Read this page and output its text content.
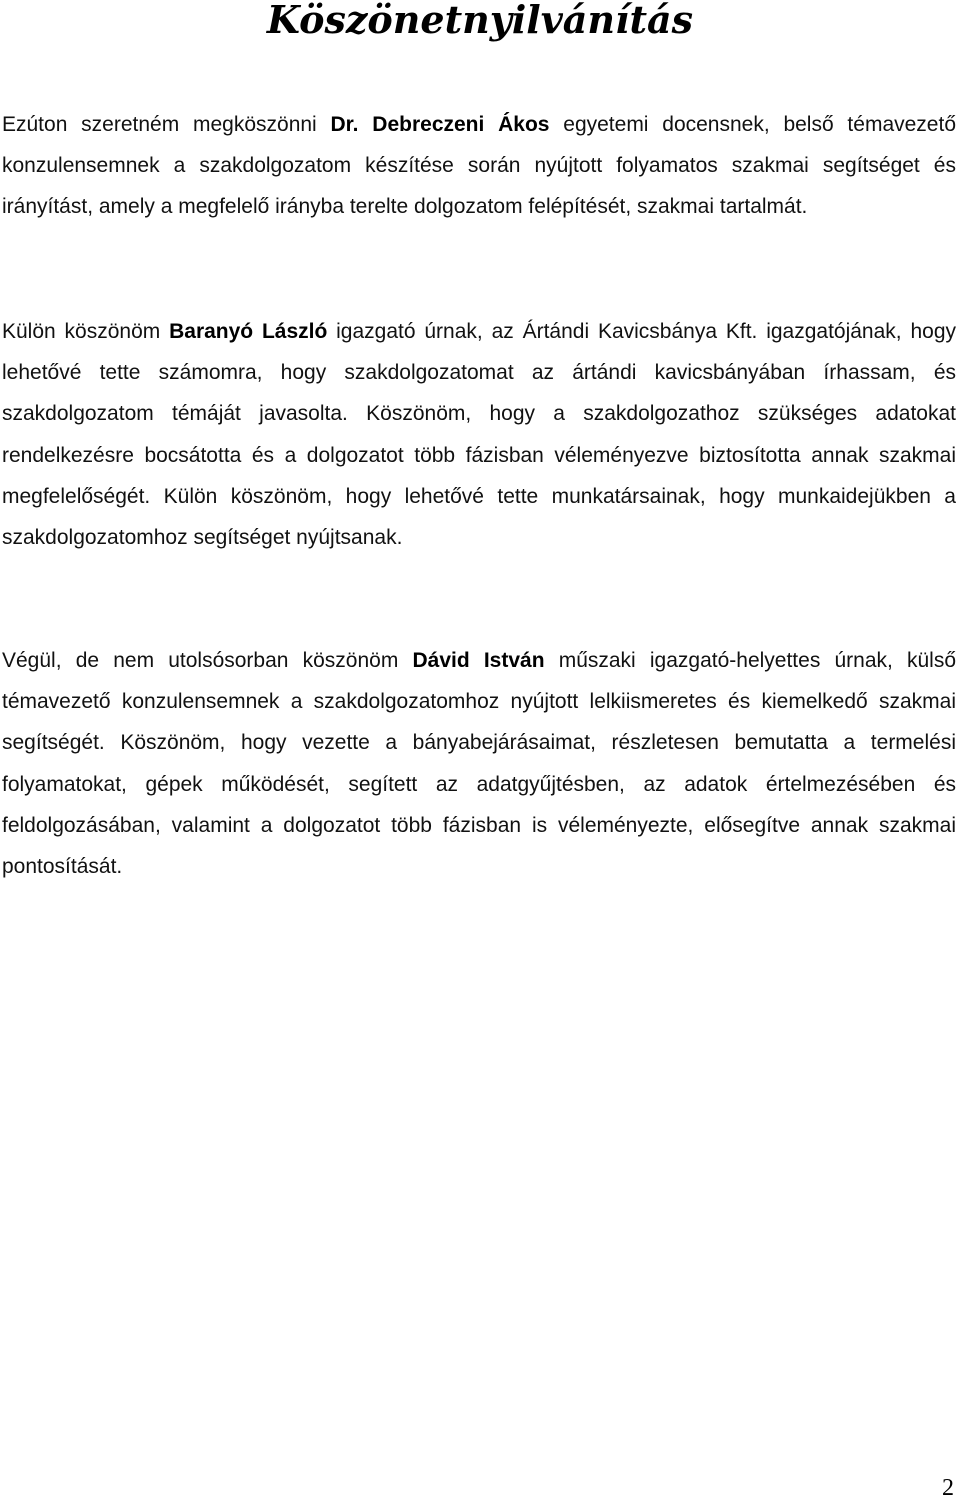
Köszönetnyilvánítás

Ezúton szeretném megköszönni Dr. Debreczeni Ákos egyetemi docensnek, belső témavezető konzulensemnek a szakdolgozatom készítése során nyújtott folyamatos szakmai segítséget és irányítást, amely a megfelelő irányba terelte dolgozatom felépítését, szakmai tartalmát.

Külön köszönöm Baranyó László igazgató úrnak, az Ártándi Kavicsbánya Kft. igazgatójának, hogy lehetővé tette számomra, hogy szakdolgozatomat az ártándi kavicsbányában írhassam, és szakdolgozatom témáját javasolta. Köszönöm, hogy a szakdolgozathoz szükséges adatokat rendelkezésre bocsátotta és a dolgozatot több fázisban véleményezve biztosította annak szakmai megfelelőségét. Külön köszönöm, hogy lehetővé tette munkatársainak, hogy munkaidejükben a szakdolgozatomhoz segítséget nyújtsanak.

Végül, de nem utolsósorban köszönöm Dávid István műszaki igazgató-helyettes úrnak, külső témavezető konzulensemnek a szakdolgozatomhoz nyújtott lelkiismeretes és kiemelkedő szakmai segítségét. Köszönöm, hogy vezette a bányabejárásaimat, részletesen bemutatta a termelési folyamatokat, gépek működését, segített az adatgyűjtésben, az adatok értelmezésében és feldolgozásában, valamint a dolgozatot több fázisban is véleményezte, elősegítve annak szakmai pontosítását.

2
